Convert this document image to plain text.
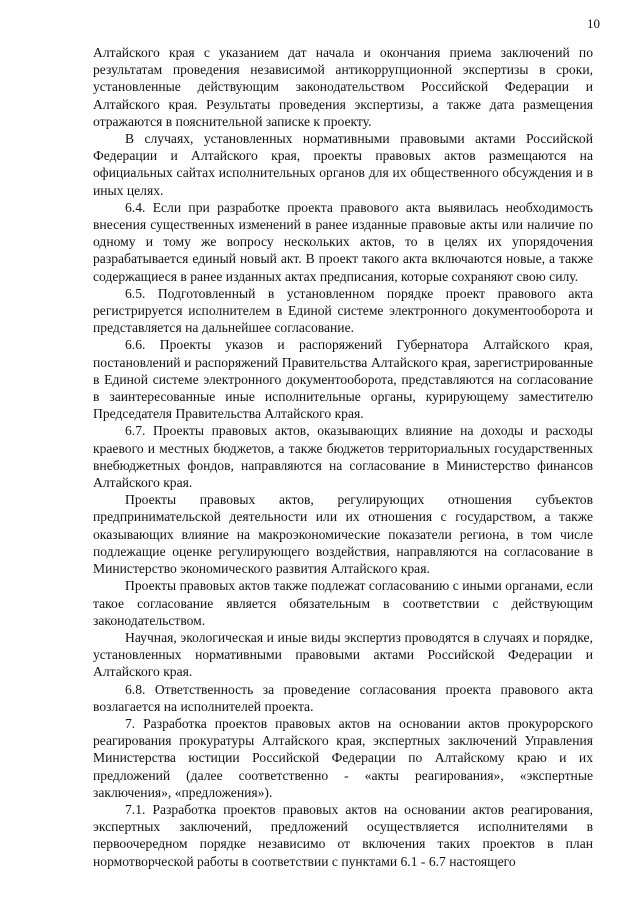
10

Алтайского края с указанием дат начала и окончания приема заключений по результатам проведения независимой антикоррупционной экспертизы в сроки, установленные действующим законодательством Российской Федерации и Алтайского края. Результаты проведения экспертизы, а также дата размещения отражаются в пояснительной записке к проекту.

В случаях, установленных нормативными правовыми актами Российской Федерации и Алтайского края, проекты правовых актов размещаются на официальных сайтах исполнительных органов для их общественного обсуждения и в иных целях.

6.4. Если при разработке проекта правового акта выявилась необходимость внесения существенных изменений в ранее изданные правовые акты или наличие по одному и тому же вопросу нескольких актов, то в целях их упорядочения разрабатывается единый новый акт. В проект такого акта включаются новые, а также содержащиеся в ранее изданных актах предписания, которые сохраняют свою силу.

6.5. Подготовленный в установленном порядке проект правового акта регистрируется исполнителем в Единой системе электронного документооборота и представляется на дальнейшее согласование.

6.6. Проекты указов и распоряжений Губернатора Алтайского края, постановлений и распоряжений Правительства Алтайского края, зарегистрированные в Единой системе электронного документооборота, представляются на согласование в заинтересованные иные исполнительные органы, курирующему заместителю Председателя Правительства Алтайского края.

6.7. Проекты правовых актов, оказывающих влияние на доходы и расходы краевого и местных бюджетов, а также бюджетов территориальных государственных внебюджетных фондов, направляются на согласование в Министерство финансов Алтайского края.

Проекты правовых актов, регулирующих отношения субъектов предпринимательской деятельности или их отношения с государством, а также оказывающих влияние на макроэкономические показатели региона, в том числе подлежащие оценке регулирующего воздействия, направляются на согласование в Министерство экономического развития Алтайского края.

Проекты правовых актов также подлежат согласованию с иными органами, если такое согласование является обязательным в соответствии с действующим законодательством.

Научная, экологическая и иные виды экспертиз проводятся в случаях и порядке, установленных нормативными правовыми актами Российской Федерации и Алтайского края.

6.8. Ответственность за проведение согласования проекта правового акта возлагается на исполнителей проекта.

7. Разработка проектов правовых актов на основании актов прокурорского реагирования прокуратуры Алтайского края, экспертных заключений Управления Министерства юстиции Российской Федерации по Алтайскому краю и их предложений (далее соответственно - «акты реагирования», «экспертные заключения», «предложения»).

7.1. Разработка проектов правовых актов на основании актов реагирования, экспертных заключений, предложений осуществляется исполнителями в первоочередном порядке независимо от включения таких проектов в план нормотворческой работы в соответствии с пунктами 6.1 - 6.7 настоящего
